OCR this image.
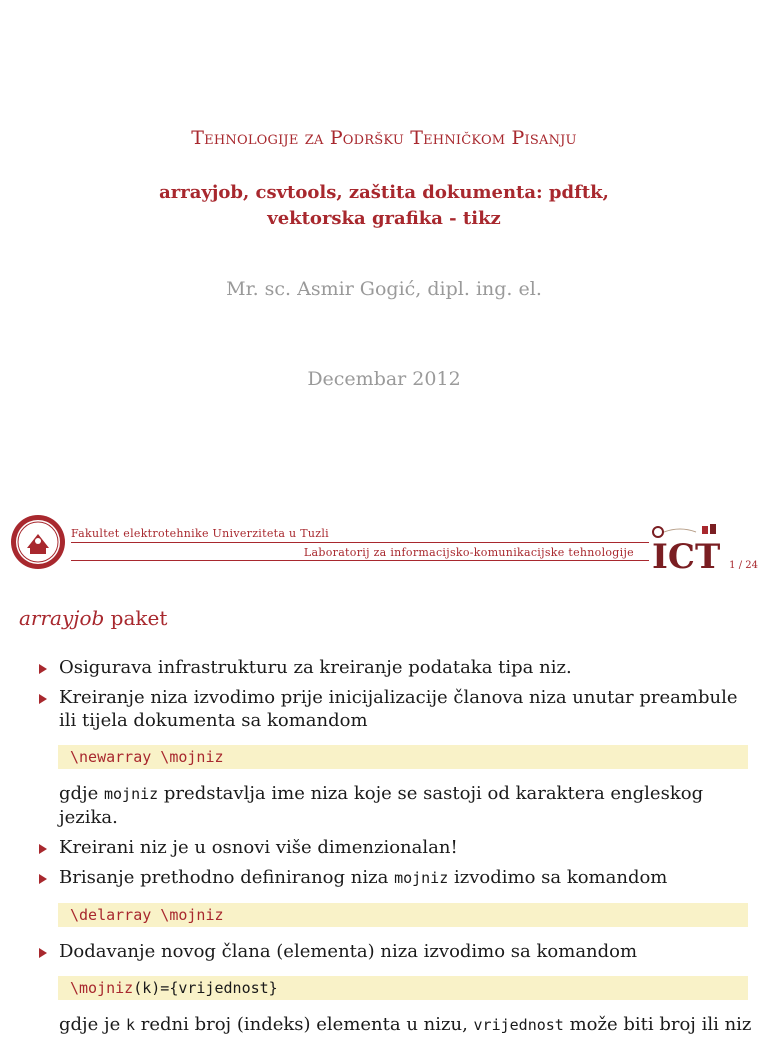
Tehnologije za Podršku Tehničkom Pisanju
arrayjob, csvtools, zaštita dokumenta: pdftk,
vektorska grafika - tikz
Mr. sc. Asmir Gogić, dipl. ing. el.
Decembar 2012
Fakultet elektrotehnike Univerziteta u Tuzli
Laboratorij za informacijsko-komunikacijske tehnologije ICT 1 / 24
arrayjob paket
Osigurava infrastrukturu za kreiranje podataka tipa niz.
Kreiranje niza izvodimo prije inicijalizacije članova niza unutar preambule ili tijela dokumenta sa komandom
\newarray \mojniz
gdje mojniz predstavlja ime niza koje se sastoji od karaktera engleskog jezika.
Kreirani niz je u osnovi više dimenzionalan!
Brisanje prethodno definiranog niza mojniz izvodimo sa komandom
\delarray \mojniz
Dodavanje novog člana (elementa) niza izvodimo sa komandom
\mojniz(k)={vrijednost}
gdje je k redni broj (indeks) elementa u nizu, vrijednost može biti broj ili niz
